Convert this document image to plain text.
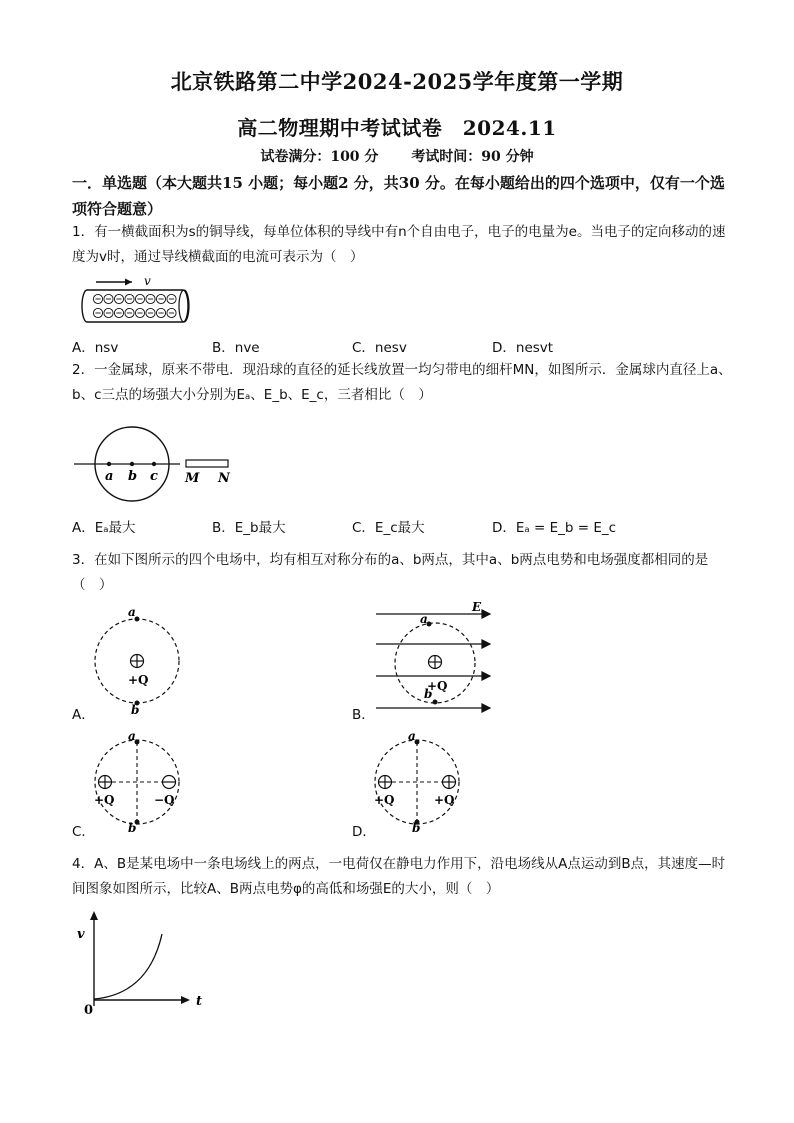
北京铁路第二中学2024-2025学年度第一学期
高二物理期中考试试卷　2024.11
试卷满分：100 分 考试时间：90 分钟
一．单选题（本大题共15 小题；每小题2 分，共30 分。在每小题给出的四个选项中，仅有一个选项符合题意）
1．有一横截面积为s的铜导线，每单位体积的导线中有n个自由电子，电子的电量为e。当电子的定向移动的速度为v时，通过导线横截面的电流可表示为（　）
v
A．nsv	B．nve	C．nesv	D．nesvt
2．一金属球，原来不带电．现沿球的直径的延长线放置一均匀带电的细杆MN，如图所示．金属球内直径上a、b、c三点的场强大小分别为Eₐ、E_b、E_c，三者相比（　）
a b c M N
A．Eₐ最大	B．E_b最大	C．E_c最大	D．Eₐ = E_b = E_c
3．在如下图所示的四个电场中，均有相互对称分布的a、b两点，其中a、b两点电势和电场强度都相同的是（　）
a
b
+Q
A．
E
a
b
+Q
B．
a
b
+Q	−Q
C．
a
b
+Q	+Q
D．
4．A、B是某电场中一条电场线上的两点，一电荷仅在静电力作用下，沿电场线从A点运动到B点，其速度—时间图象如图所示，比较A、B两点电势φ的高低和场强E的大小，则（　）
v
t
0
